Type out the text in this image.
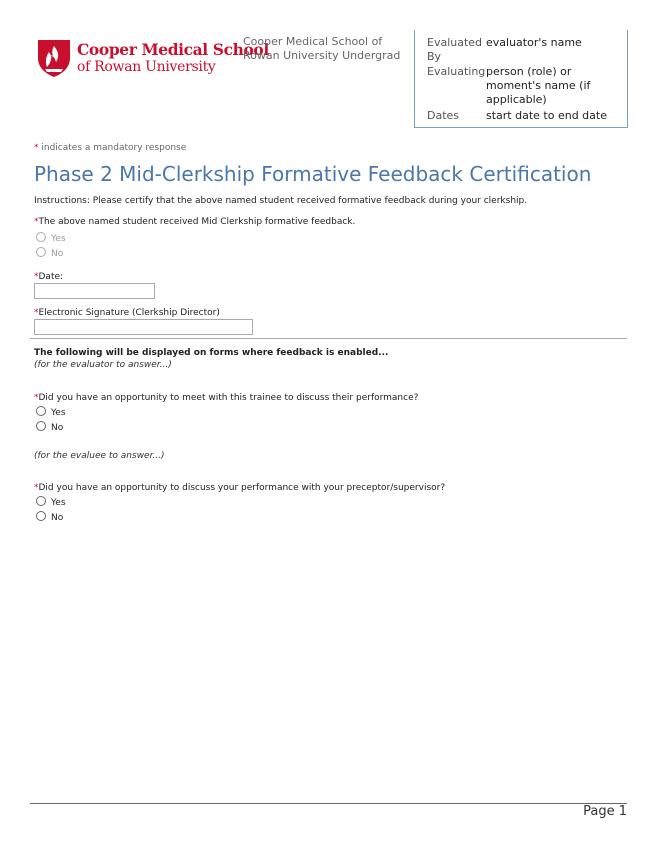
Cooper Medical School
of Rowan University
Cooper Medical School of Rowan University Undergrad
Evaluated By
evaluator's name
Evaluating person (role) or moment's name (if applicable)
Dates	start date to end date
* indicates a mandatory response
Phase 2 Mid-Clerkship Formative Feedback Certification
Instructions: Please certify that the above named student received formative feedback during your clerkship.
*The above named student received Mid Clerkship formative feedback.
Yes
No
*Date:
*Electronic Signature (Clerkship Director)
The following will be displayed on forms where feedback is enabled...
(for the evaluator to answer...)
*Did you have an opportunity to meet with this trainee to discuss their performance?
Yes
No
(for the evaluee to answer...)
*Did you have an opportunity to discuss your performance with your preceptor/supervisor?
Yes
No
Page 1
